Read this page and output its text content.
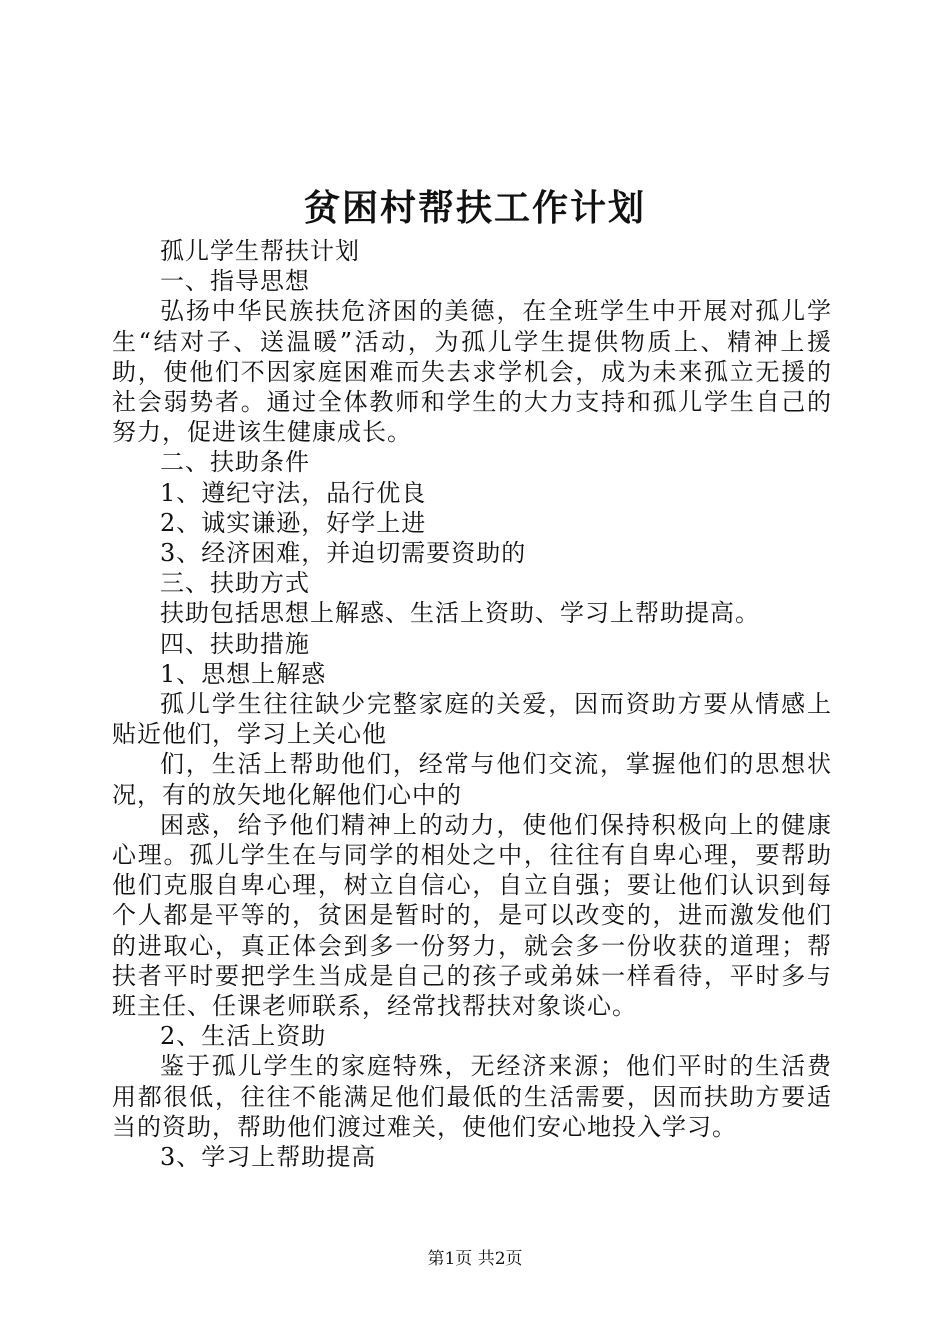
贫困村帮扶工作计划

孤儿学生帮扶计划

一、指导思想

弘扬中华民族扶危济困的美德，在全班学生中开展对孤儿学生“结对子、送温暖”活动，为孤儿学生提供物质上、精神上援助，使他们不因家庭困难而失去求学机会，成为未来孤立无援的社会弱势者。通过全体教师和学生的大力支持和孤儿学生自己的努力，促进该生健康成长。

二、扶助条件

1、遵纪守法，品行优良

2、诚实谦逊，好学上进

3、经济困难，并迫切需要资助的

三、扶助方式

扶助包括思想上解惑、生活上资助、学习上帮助提高。

四、扶助措施

1、思想上解惑

孤儿学生往往缺少完整家庭的关爱，因而资助方要从情感上贴近他们，学习上关心他

们，生活上帮助他们，经常与他们交流，掌握他们的思想状况，有的放矢地化解他们心中的

困惑，给予他们精神上的动力，使他们保持积极向上的健康心理。孤儿学生在与同学的相处之中，往往有自卑心理，要帮助他们克服自卑心理，树立自信心，自立自强；要让他们认识到每个人都是平等的，贫困是暂时的，是可以改变的，进而激发他们的进取心，真正体会到多一份努力，就会多一份收获的道理；帮扶者平时要把学生当成是自己的孩子或弟妹一样看待，平时多与班主任、任课老师联系，经常找帮扶对象谈心。

2、生活上资助

鉴于孤儿学生的家庭特殊，无经济来源；他们平时的生活费用都很低，往往不能满足他们最低的生活需要，因而扶助方要适当的资助，帮助他们渡过难关，使他们安心地投入学习。

3、学习上帮助提高

第1页 共2页
